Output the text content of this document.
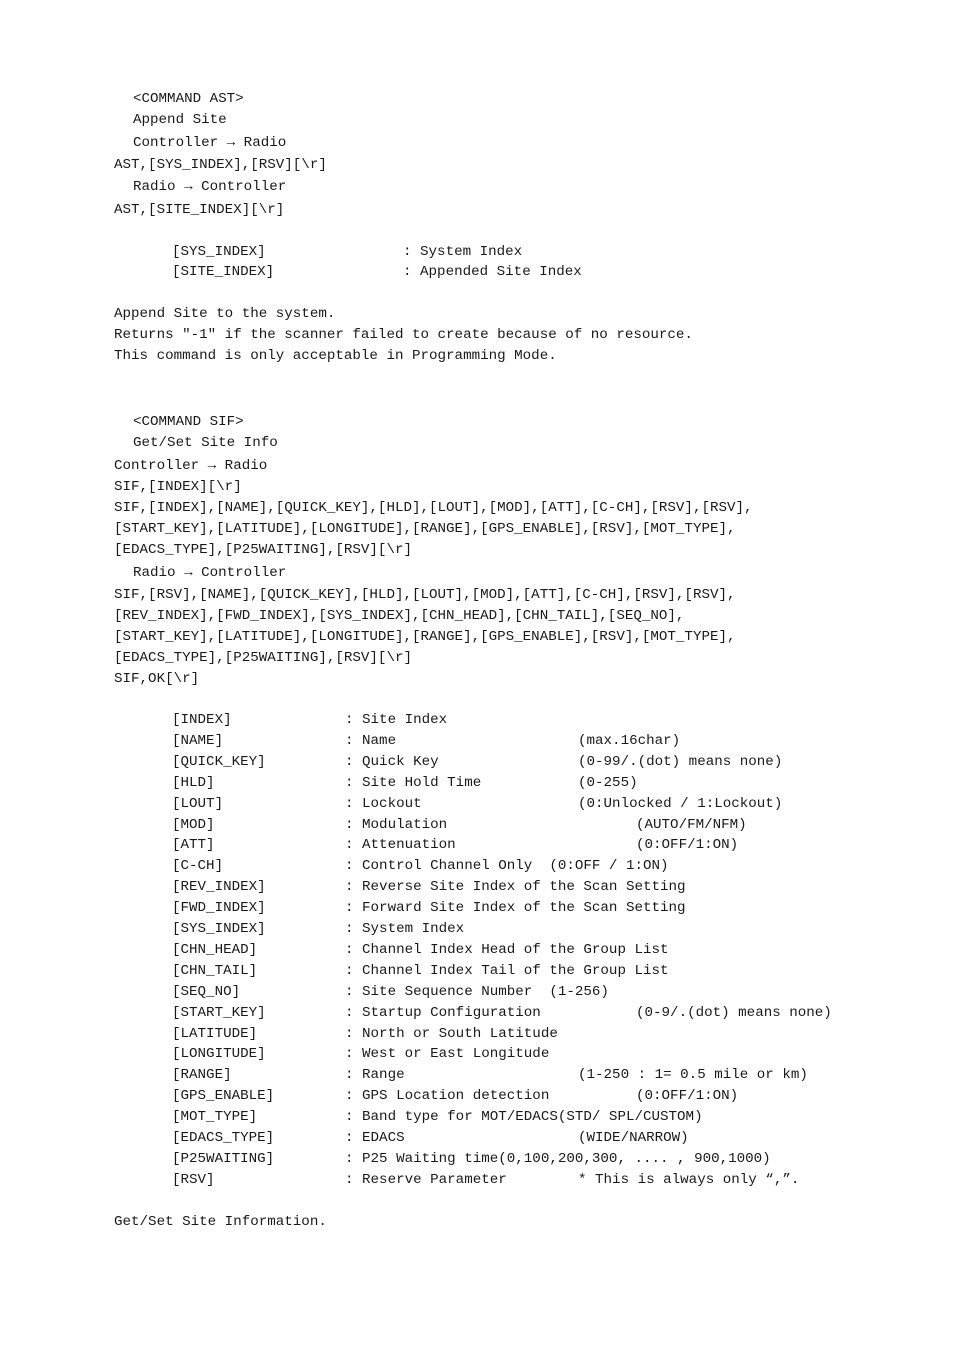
<COMMAND AST>
Append Site
Controller → Radio
AST,[SYS_INDEX],[RSV][\r]
Radio → Controller
AST,[SITE_INDEX][\r]
[SYS_INDEX]	: System Index
[SITE_INDEX]	: Appended Site Index
Append Site to the system.
Returns "-1" if the scanner failed to create because of no resource.
This command is only acceptable in Programming Mode.
<COMMAND SIF>
Get/Set Site Info
Controller → Radio
SIF,[INDEX][\r]
SIF,[INDEX],[NAME],[QUICK_KEY],[HLD],[LOUT],[MOD],[ATT],[C-CH],[RSV],[RSV],
[START_KEY],[LATITUDE],[LONGITUDE],[RANGE],[GPS_ENABLE],[RSV],[MOT_TYPE],
[EDACS_TYPE],[P25WAITING],[RSV][\r]
Radio → Controller
SIF,[RSV],[NAME],[QUICK_KEY],[HLD],[LOUT],[MOD],[ATT],[C-CH],[RSV],[RSV],
[REV_INDEX],[FWD_INDEX],[SYS_INDEX],[CHN_HEAD],[CHN_TAIL],[SEQ_NO],
[START_KEY],[LATITUDE],[LONGITUDE],[RANGE],[GPS_ENABLE],[RSV],[MOT_TYPE],
[EDACS_TYPE],[P25WAITING],[RSV][\r]
SIF,OK[\r]
[INDEX]	: Site Index
[NAME]	: Name	(max.16char)
[QUICK_KEY]	: Quick Key	(0-99/.(dot) means none)
[HLD]	: Site Hold Time	(0-255)
[LOUT]	: Lockout	(0:Unlocked / 1:Lockout)
[MOD]	: Modulation	(AUTO/FM/NFM)
[ATT]	: Attenuation	(0:OFF/1:ON)
[C-CH]	: Control Channel Only  (0:OFF / 1:ON)
[REV_INDEX]	: Reverse Site Index of the Scan Setting
[FWD_INDEX]	: Forward Site Index of the Scan Setting
[SYS_INDEX]	: System Index
[CHN_HEAD]	: Channel Index Head of the Group List
[CHN_TAIL]	: Channel Index Tail of the Group List
[SEQ_NO]	: Site Sequence Number  (1-256)
[START_KEY]	: Startup Configuration	(0-9/.(dot) means none)
[LATITUDE]	: North or South Latitude
[LONGITUDE]	: West or East Longitude
[RANGE]	: Range	(1-250 : 1= 0.5 mile or km)
[GPS_ENABLE]	: GPS Location detection	(0:OFF/1:ON)
[MOT_TYPE]	: Band type for MOT/EDACS(STD/ SPL/CUSTOM)
[EDACS_TYPE]	: EDACS	(WIDE/NARROW)
[P25WAITING]	: P25 Waiting time(0,100,200,300, .... , 900,1000)
[RSV]	: Reserve Parameter	* This is always only “,”.
Get/Set Site Information.
